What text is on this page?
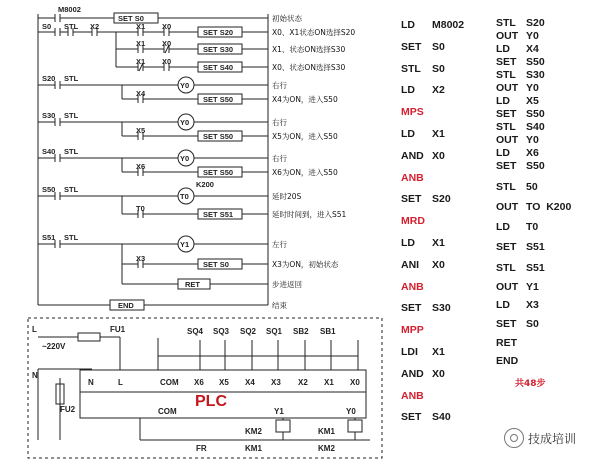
M8002
SET S0	初始状态
S0 STL X2	X1 X0
SET S20	X0、X1状态ON选择S20
X1 X0
SET S30	X1、状态ON选择S30
X1 X0
SET S40	X0、状态ON选择S30
S20 STL
Y0	右行
X4
SET S50	X4为ON，进入S50
S30 STL
Y0	右行
X5
SET S50	X5为ON，进入S50
S40 STL
Y0	右行
X6
SET S50	X6为ON，进入S50
S50 STL
T0
K200
延时20S
T0
SET S51	延时时间到，进入S51
S51 STL
Y1	左行
X3
SET S0	X3为ON，初始状态
RET	步进返回
END	结束
L
~220V
N
FU1
FU2
SQ4 SQ3 SQ2 SQ1 SB2 SB1
N	L	COM X6 X5 X4 X3 X2 X1 X0
PLC
COM	Y1	Y0
KM2	KM1
KM1	KM2
FR
LD M8002
SET S0
STL S0
LD X2
MPS
LD X1
AND X0
ANB
SET S20
MRD
LD X1
ANI X0
ANB
SET S30
MPP
LDI X1
AND X0
ANB
SET S40
STL S20
OUT Y0
LD X4
SET S50
STL S30
OUT Y0
LD X5
SET S50
STL S40
OUT Y0
LD X6
SET S50
STL 50
OUT TO  K200
LD T0
SET S51
STL S51
OUT Y1
LD X3
SET S0
RET
END
共48步
技成培训
